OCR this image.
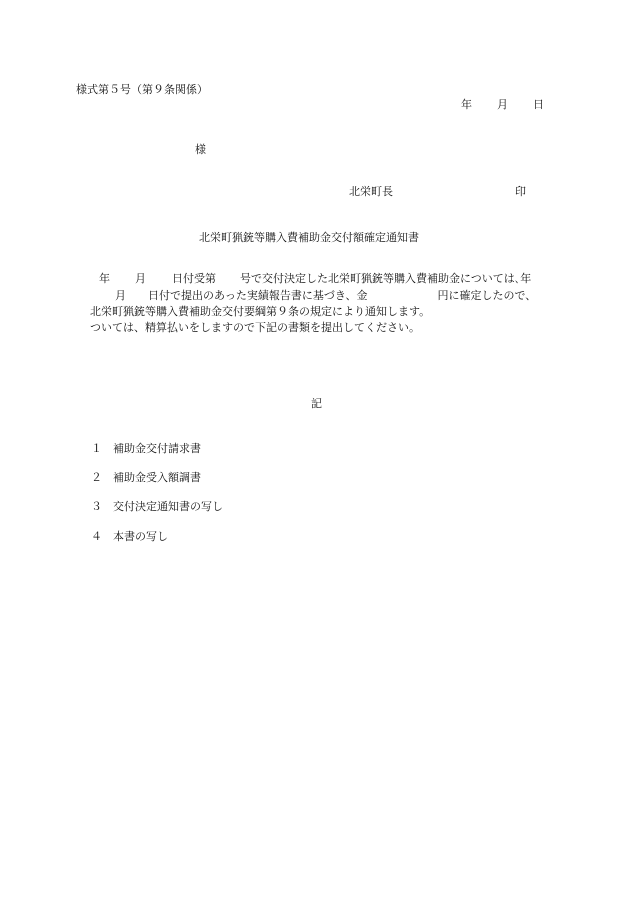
様式第５号（第９条関係）
年 月 日
様
北栄町長	印
北栄町猟銃等購入費補助金交付額確定通知書
年 月 日付受第 号で交付決定した北栄町猟銃等購入費補助金については､年
月 日付で提出のあった実績報告書に基づき、金	円に確定したので、
北栄町猟銃等購入費補助金交付要綱第９条の規定により通知します。
ついては、精算払いをしますので下記の書類を提出してください。
記
１ 補助金交付請求書
２ 補助金受入額調書
３ 交付決定通知書の写し
４ 本書の写し
